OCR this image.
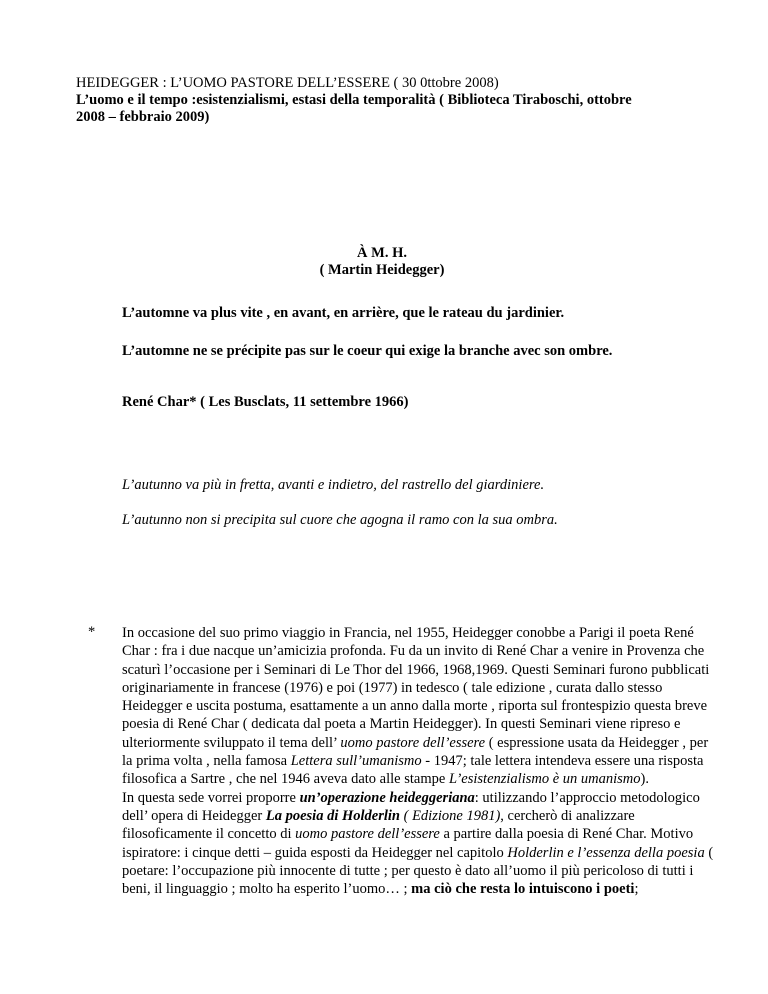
HEIDEGGER : L’UOMO PASTORE DELL’ESSERE ( 30 0ttobre 2008)
L’uomo e il tempo :esistenzialismi, estasi della temporalità ( Biblioteca Tiraboschi, ottobre
2008 – febbraio 2009)
À M. H.
( Martin Heidegger)
L’automne va plus vite , en avant, en arrière, que le rateau du jardinier.
L’automne ne se précipite pas sur le coeur qui exige la branche avec son ombre.
René Char* ( Les Busclats, 11 settembre 1966)
L’autunno va più in fretta, avanti e indietro, del rastrello del giardiniere.
L’autunno non si precipita sul cuore che agogna il ramo con la sua ombra.
* In occasione del suo primo viaggio in Francia, nel 1955, Heidegger conobbe a Parigi il poeta René Char : fra i due nacque un’amicizia profonda. Fu da un invito di René Char a venire in Provenza che scaturì l’occasione per i Seminari di Le Thor del 1966, 1968,1969. Questi Seminari furono pubblicati originariamente in francese (1976) e poi (1977) in tedesco ( tale edizione , curata dallo stesso Heidegger e uscita postuma, esattamente a un anno dalla morte , riporta sul frontespizio questa breve poesia di René Char ( dedicata dal poeta a Martin Heidegger). In questi Seminari viene ripreso e ulteriormente sviluppato il tema dell’ uomo pastore dell’essere ( espressione usata da Heidegger , per la prima volta , nella famosa Lettera sull’umanismo - 1947; tale lettera intendeva essere una risposta filosofica a Sartre , che nel 1946 aveva dato alle stampe L’esistenzialismo è un umanismo).

In questa sede vorrei proporre un’operazione heideggeriana: utilizzando l’approccio metodologico dell’ opera di Heidegger La poesia di Holderlin ( Edizione 1981), cercherò di analizzare filosoficamente il concetto di uomo pastore dell’essere a partire dalla poesia di René Char. Motivo ispiratore: i cinque detti – guida esposti da Heidegger nel capitolo Holderlin e l’essenza della poesia ( poetare: l’occupazione più innocente di tutte ; per questo è dato all’uomo il più pericoloso di tutti i beni, il linguaggio ; molto ha esperito l’uomo… ; ma ciò che resta lo intuiscono i poeti;
